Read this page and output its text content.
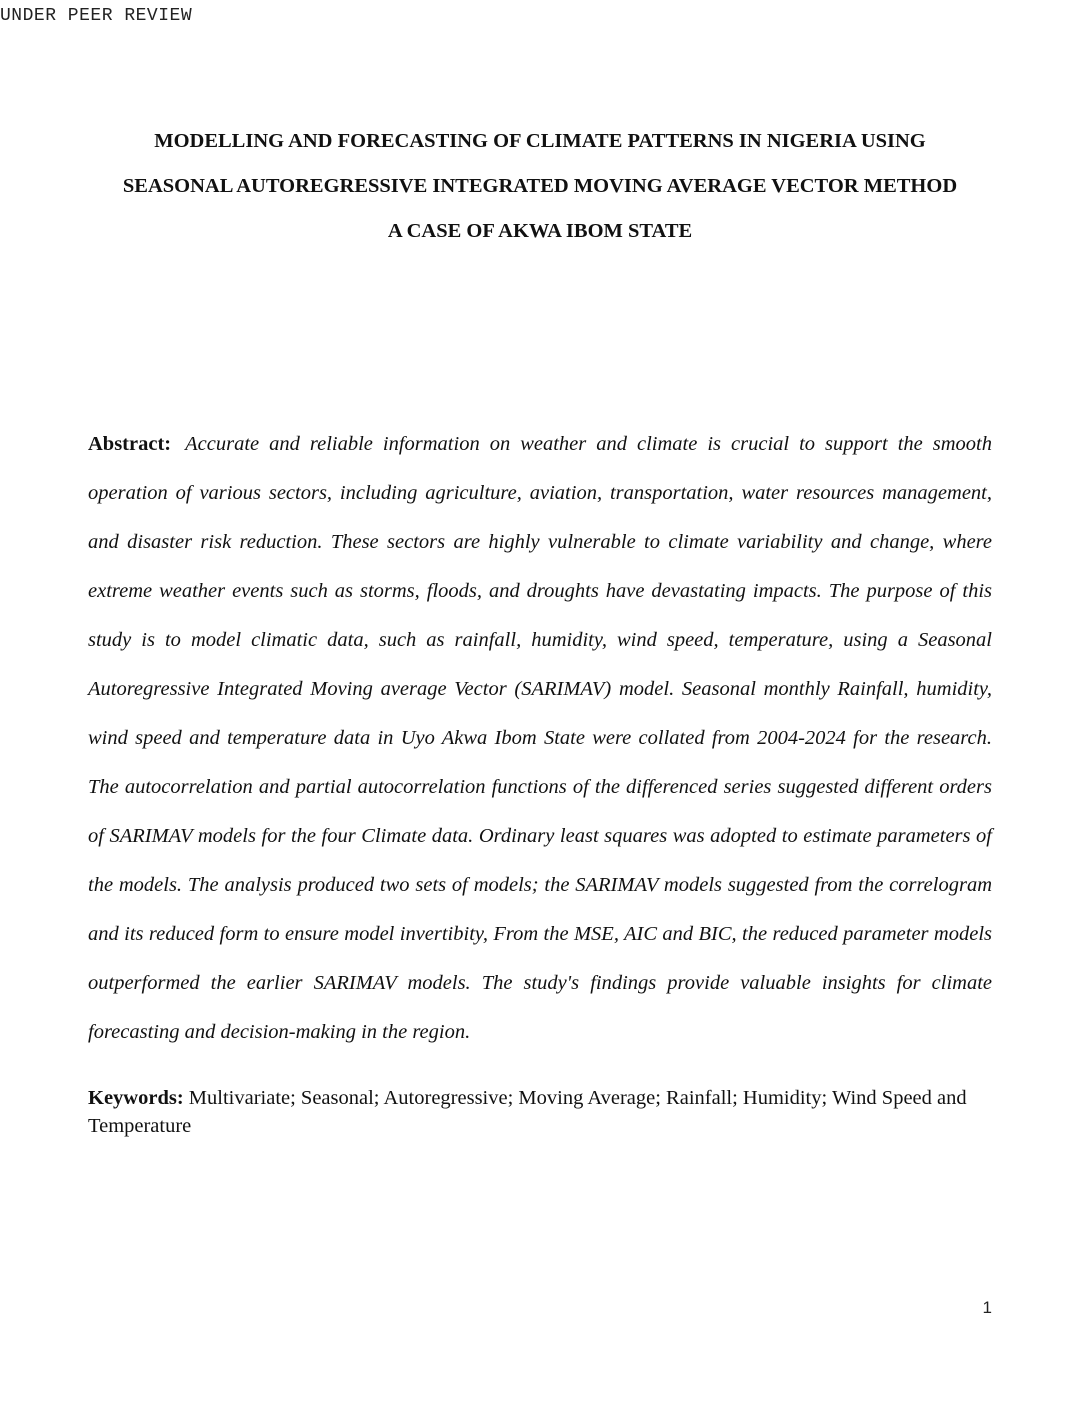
UNDER PEER REVIEW
MODELLING AND FORECASTING OF CLIMATE PATTERNS IN NIGERIA USING
SEASONAL AUTOREGRESSIVE INTEGRATED MOVING AVERAGE VECTOR METHOD
A CASE OF AKWA IBOM STATE

Abstract: Accurate and reliable information on weather and climate is crucial to support the smooth operation of various sectors, including agriculture, aviation, transportation, water resources management, and disaster risk reduction. These sectors are highly vulnerable to climate variability and change, where extreme weather events such as storms, floods, and droughts have devastating impacts. The purpose of this study is to model climatic data, such as rainfall, humidity, wind speed, temperature, using a Seasonal Autoregressive Integrated Moving average Vector (SARIMAV) model. Seasonal monthly Rainfall, humidity, wind speed and temperature data in Uyo Akwa Ibom State were collated from 2004-2024 for the research. The autocorrelation and partial autocorrelation functions of the differenced series suggested different orders of SARIMAV models for the four Climate data. Ordinary least squares was adopted to estimate parameters of the models. The analysis produced two sets of models; the SARIMAV models suggested from the correlogram and its reduced form to ensure model invertibity, From the MSE, AIC and BIC, the reduced parameter models outperformed the earlier SARIMAV models. The study's findings provide valuable insights for climate forecasting and decision-making in the region.

Keywords: Multivariate; Seasonal; Autoregressive; Moving Average; Rainfall; Humidity; Wind Speed and Temperature

1
